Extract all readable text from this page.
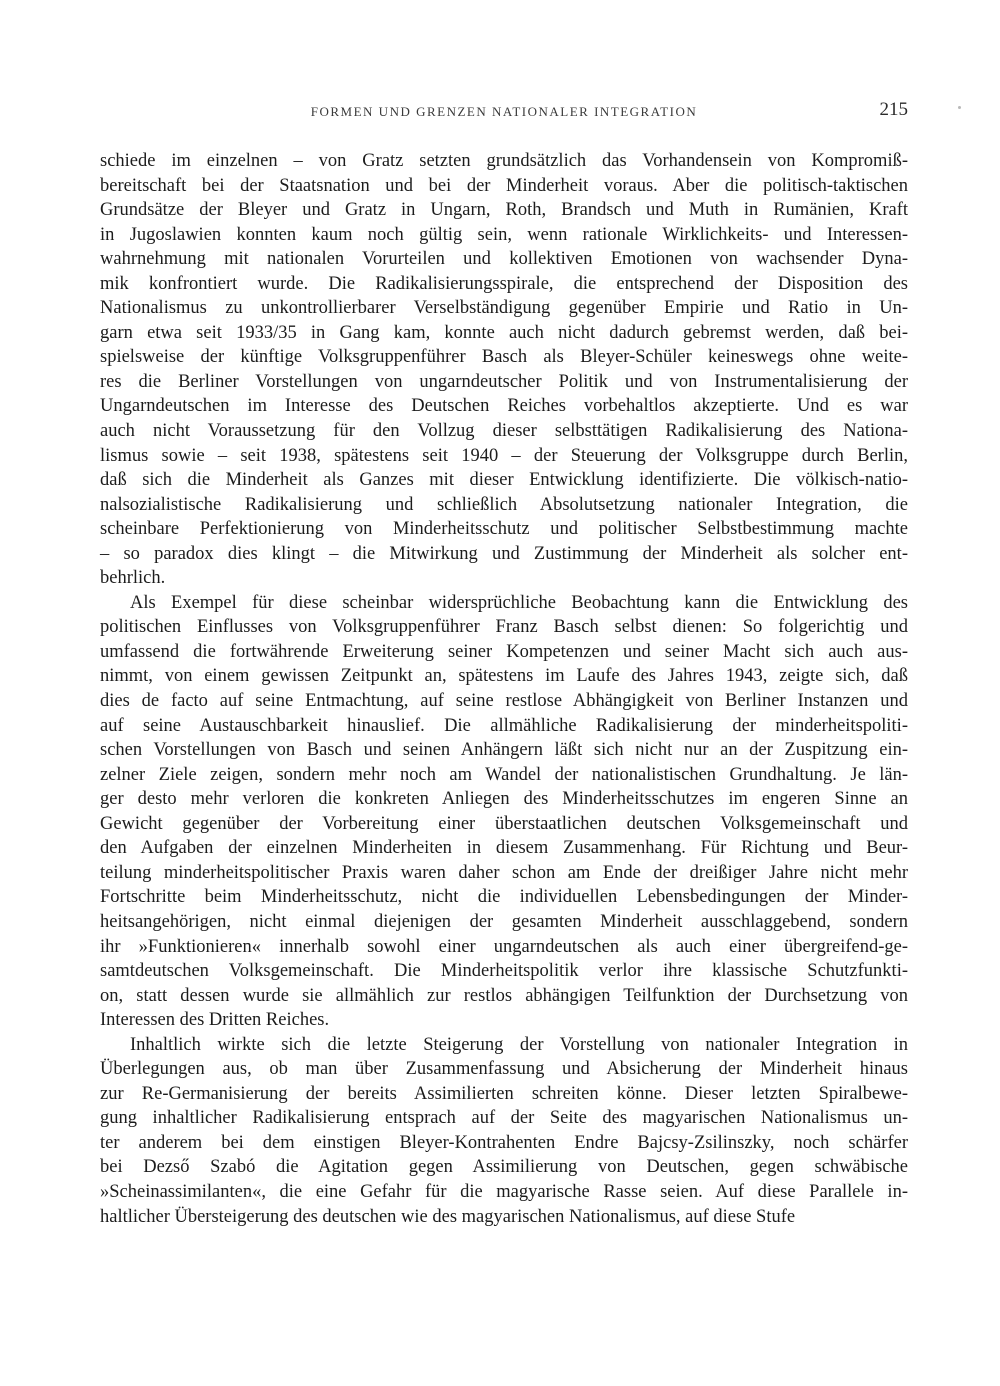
FORMEN UND GRENZEN NATIONALER INTEGRATION	215
schiede im einzelnen – von Gratz setzten grundsätzlich das Vorhandensein von Kompromiß-
bereitschaft bei der Staatsnation und bei der Minderheit voraus. Aber die politisch-taktischen
Grundsätze der Bleyer und Gratz in Ungarn, Roth, Brandsch und Muth in Rumänien, Kraft
in Jugoslawien konnten kaum noch gültig sein, wenn rationale Wirklichkeits- und Interessen-
wahrnehmung mit nationalen Vorurteilen und kollektiven Emotionen von wachsender Dyna-
mik konfrontiert wurde. Die Radikalisierungsspirale, die entsprechend der Disposition des
Nationalismus zu unkontrollierbarer Verselbständigung gegenüber Empirie und Ratio in Un-
garn etwa seit 1933/35 in Gang kam, konnte auch nicht dadurch gebremst werden, daß bei-
spielsweise der künftige Volksgruppenführer Basch als Bleyer-Schüler keineswegs ohne weite-
res die Berliner Vorstellungen von ungarndeutscher Politik und von Instrumentalisierung der
Ungarndeutschen im Interesse des Deutschen Reiches vorbehaltlos akzeptierte. Und es war
auch nicht Voraussetzung für den Vollzug dieser selbsttätigen Radikalisierung des Nationa-
lismus sowie – seit 1938, spätestens seit 1940 – der Steuerung der Volksgruppe durch Berlin,
daß sich die Minderheit als Ganzes mit dieser Entwicklung identifizierte. Die völkisch-natio-
nalsozialistische Radikalisierung und schließlich Absolutsetzung nationaler Integration, die
scheinbare Perfektionierung von Minderheitsschutz und politischer Selbstbestimmung machte
– so paradox dies klingt – die Mitwirkung und Zustimmung der Minderheit als solcher ent-
behrlich.
Als Exempel für diese scheinbar widersprüchliche Beobachtung kann die Entwicklung des
politischen Einflusses von Volksgruppenführer Franz Basch selbst dienen: So folgerichtig und
umfassend die fortwährende Erweiterung seiner Kompetenzen und seiner Macht sich auch aus-
nimmt, von einem gewissen Zeitpunkt an, spätestens im Laufe des Jahres 1943, zeigte sich, daß
dies de facto auf seine Entmachtung, auf seine restlose Abhängigkeit von Berliner Instanzen und
auf seine Austauschbarkeit hinauslief. Die allmähliche Radikalisierung der minderheitspoliti-
schen Vorstellungen von Basch und seinen Anhängern läßt sich nicht nur an der Zuspitzung ein-
zelner Ziele zeigen, sondern mehr noch am Wandel der nationalistischen Grundhaltung. Je län-
ger desto mehr verloren die konkreten Anliegen des Minderheitsschutzes im engeren Sinne an
Gewicht gegenüber der Vorbereitung einer überstaatlichen deutschen Volksgemeinschaft und
den Aufgaben der einzelnen Minderheiten in diesem Zusammenhang. Für Richtung und Beur-
teilung minderheitspolitischer Praxis waren daher schon am Ende der dreißiger Jahre nicht mehr
Fortschritte beim Minderheitsschutz, nicht die individuellen Lebensbedingungen der Minder-
heitsangehörigen, nicht einmal diejenigen der gesamten Minderheit ausschlaggebend, sondern
ihr »Funktionieren« innerhalb sowohl einer ungarndeutschen als auch einer übergreifend-ge-
samtdeutschen Volksgemeinschaft. Die Minderheitspolitik verlor ihre klassische Schutzfunkti-
on, statt dessen wurde sie allmählich zur restlos abhängigen Teilfunktion der Durchsetzung von
Interessen des Dritten Reiches.
Inhaltlich wirkte sich die letzte Steigerung der Vorstellung von nationaler Integration in
Überlegungen aus, ob man über Zusammenfassung und Absicherung der Minderheit hinaus
zur Re-Germanisierung der bereits Assimilierten schreiten könne. Dieser letzten Spiralbewe-
gung inhaltlicher Radikalisierung entsprach auf der Seite des magyarischen Nationalismus un-
ter anderem bei dem einstigen Bleyer-Kontrahenten Endre Bajcsy-Zsilinszky, noch schärfer
bei Dezső Szabó die Agitation gegen Assimilierung von Deutschen, gegen schwäbische
»Scheinassimilanten«, die eine Gefahr für die magyarische Rasse seien. Auf diese Parallele in-
haltlicher Übersteigerung des deutschen wie des magyarischen Nationalismus, auf diese Stufe
